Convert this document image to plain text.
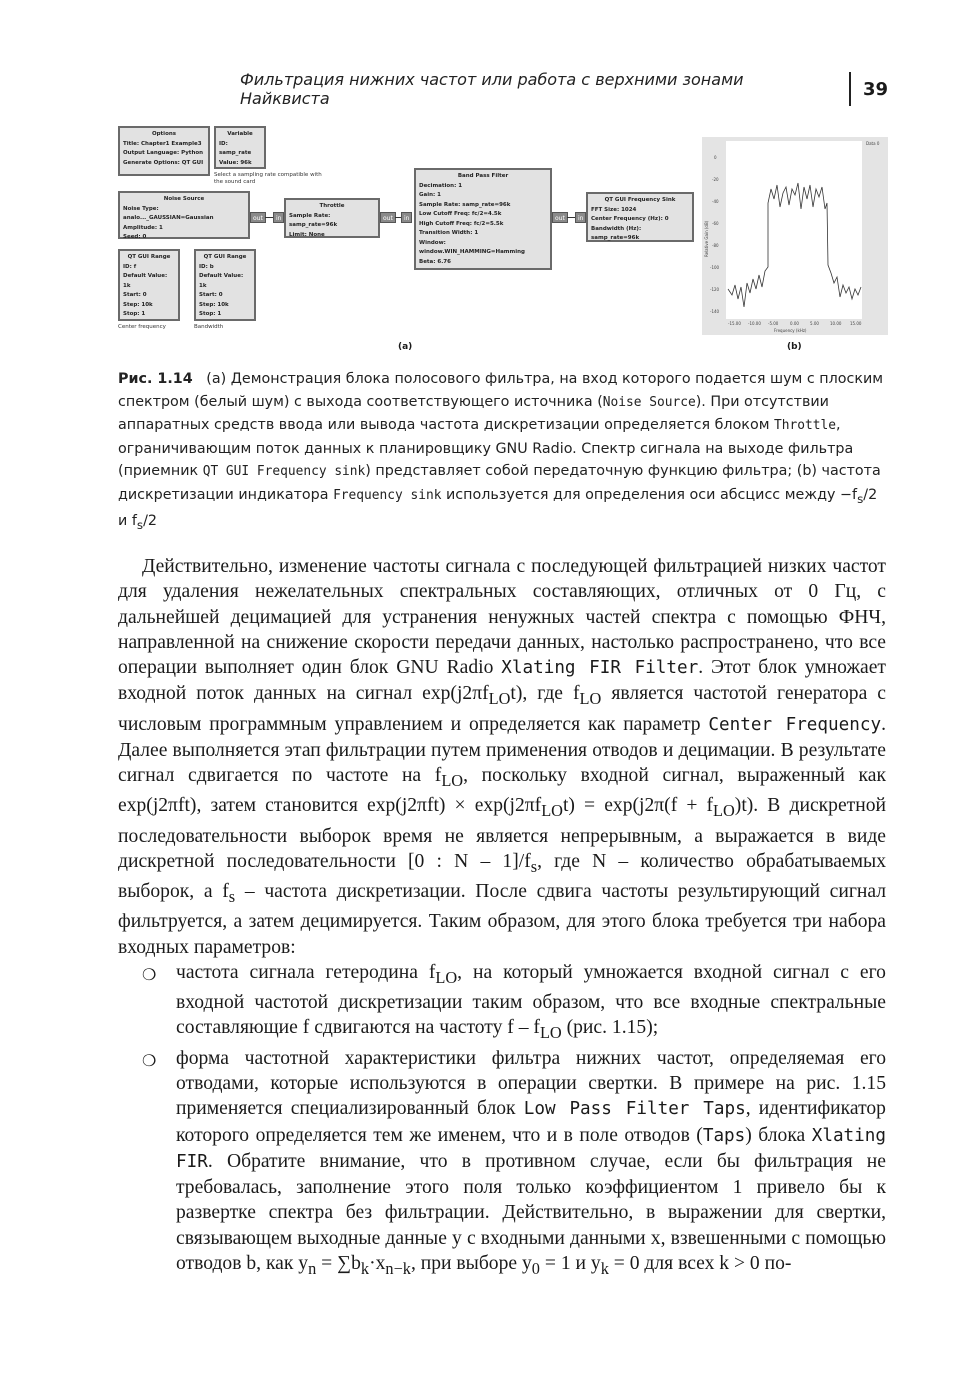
Фильтрация нижних частот или работа с верхними зонами Найквиста	39
Options
Title: Chapter1 Example3
Output Language: Python
Generate Options: QT GUI
Variable
ID: samp_rate
Value: 96k
Select a sampling rate compatible with the sound card
Noise Source
Noise Type: analo..._GAUSSIAN=Gaussian
Amplitude: 1
Seed: 0
out	in
Throttle
Sample Rate: samp_rate=96k
Limit: None
out	in
Band Pass Filter
Decimation: 1
Gain: 1
Sample Rate: samp_rate=96k
Low Cutoff Freq: fc/2=4.5k
High Cutoff Freq: fc/2=5.5k
Transition Width: 1
Window: window.WIN_HAMMING=Hamming
Beta: 6.76
out	in
QT GUI Frequency Sink
FFT Size: 1024
Center Frequency (Hz): 0
Bandwidth (Hz): samp_rate=96k
QT GUI Range
ID: f
Default Value: 1k
Start: 0
Step: 10k
Stop: 1
Center frequency
QT GUI Range
ID: b
Default Value: 1k
Start: 0
Step: 10k
Stop: 1
Bandwidth
(a)
0
-20
-40
-60
-80
-100
-120
-140
-15.00 -10.00 -5.00	0.00	5.00	10.00 15.00
Frequency (kHz)
Data 0
Relative Gain (dB)
(b)
Рис. 1.14 (а) Демонстрация блока полосового фильтра, на вход которого подается шум с плоским спектром (белый шум) с выхода соответствующего источника (Noise Source). При отсутствии аппаратных средств ввода или вывода частота дискретизации определяется блоком Throttle, ограничивающим поток данных к планировщику GNU Radio. Спектр сигнала на выходе фильтра (приемник QT GUI Frequency sink) представляет собой передаточную функцию фильтра; (b) частота дискретизации индикатора Frequency sink используется для определения оси абсцисс между $-f_s/2$ и $f_s/2$

Действительно, изменение частоты сигнала с последующей фильтрацией низких частот для удаления нежелательных спектральных составляющих, отличных от 0 Гц, с дальнейшей децимацией для устранения ненужных частей спектра с помощью ФНЧ, направленной на снижение скорости передачи данных, настолько распространено, что все операции выполняет один блок GNU Radio Xlating FIR Filter. Этот блок умножает входной поток данных на сигнал $\exp(j2\pi f_{LO}t)$, где $f_{LO}$ является частотой генератора с числовым программным управлением и определяется как параметр Center Frequency. Далее выполняется этап фильтрации путем применения отводов и децимации. В результате сигнал сдвигается по частоте на $f_{LO}$, поскольку входной сигнал, выраженный как exp(j2πft), затем становится $\exp(j2\pi ft) \times \exp(j2\pi f_{LO}t) = \exp(j2\pi(f + f_{LO})t)$. В дискретной последовательности выборок время не является непрерывным, а выражается в виде дискретной последовательности [0 : N – $1]/f_s$, где N – количество обрабатываемых выборок, а $f_s$ – частота дискретизации. После сдвига частоты результирующий сигнал фильтруется, а затем децимируется. Таким образом, для этого блока требуется три набора входных параметров:

❍ частота сигнала гетеродина $f_{LO}$, на который умножается входной сигнал с его входной частотой дискретизации таким образом, что все входные спектральные составляющие f сдвигаются на частоту f – $f_{LO}$ (рис. 1.15);
❍ форма частотной характеристики фильтра нижних частот, определяемая его отводами, которые используются в операции свертки. В примере на рис. 1.15 применяется специализированный блок Low Pass Filter Taps, идентификатор которого определяется тем же именем, что и в поле отводов (Taps) блока Xlating FIR. Обратите внимание, что в противном случае, если бы фильтрация не требовалась, заполнение этого поля только коэффициентом 1 привело бы к развертке спектра без фильтрации. Действительно, в выражении для свертки, связывающем выходные данные y с входными данными x, взвешенными с помощью отводов b, как $y_n = \sum b_k\cdot x_{n-k}$, при выборе $y_0 = 1$ и $y_k = 0$ для всех k > 0 по-
